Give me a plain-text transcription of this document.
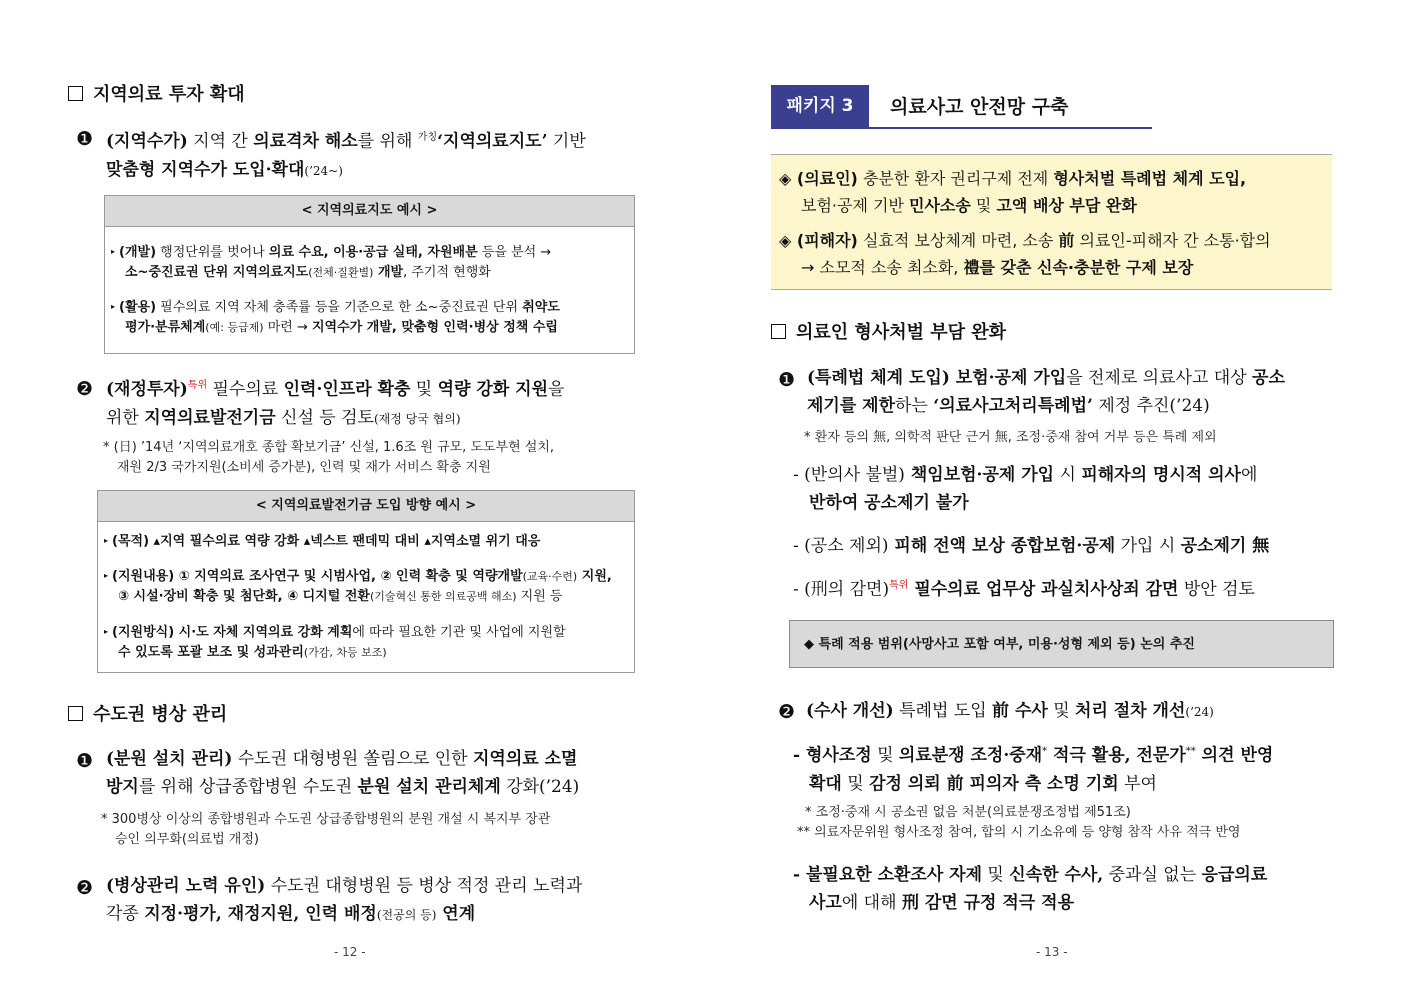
지역의료 투자 확대
❶ (지역수가) 지역 간 의료격차 해소를 위해 $^{가칭}$‘지역의료지도’ 기반
맞춤형 지역수가 도입·확대(’24~)
< 지역의료지도 예시 >
▸ (개발) 행정단위를 벗어나 의료 수요, 이용·공급 실태, 자원배분 등을 분석 →
소~중진료권 단위 지역의료지도(전체·질환별) 개발, 주기적 현행화
▸ (활용) 필수의료 지역 자체 충족률 등을 기준으로 한 소~중진료권 단위 취약도
평가·분류체계(예: 등급제) 마련 → 지역수가 개발, 맞춤형 인력·병상 정책 수립
❷ (재정투자)$^{특위}$ 필수의료 인력·인프라 확충 및 역량 강화 지원을
위한 지역의료발전기금 신설 등 검토(재정 당국 협의)
* (日) ’14년 ‘지역의료개호 종합 확보기금’ 신설, 1.6조 원 규모, 도도부현 설치,
재원 2/3 국가지원(소비세 증가분), 인력 및 재가 서비스 확충 지원
< 지역의료발전기금 도입 방향 예시 >
▸ (목적) ▴지역 필수의료 역량 강화 ▴넥스트 팬데믹 대비 ▴지역소멸 위기 대응
▸ (지원내용) ① 지역의료 조사연구 및 시범사업, ② 인력 확충 및 역량개발(교육·수련) 지원,
③ 시설·장비 확충 및 첨단화, ④ 디지털 전환(기술혁신 통한 의료공백 해소) 지원 등
▸ (지원방식) 시·도 자체 지역의료 강화 계획에 따라 필요한 기관 및 사업에 지원할
수 있도록 포괄 보조 및 성과관리(가감, 차등 보조)
수도권 병상 관리
❶ (분원 설치 관리) 수도권 대형병원 쏠림으로 인한 지역의료 소멸
방지를 위해 상급종합병원 수도권 분원 설치 관리체계 강화(’24)
* 300병상 이상의 종합병원과 수도권 상급종합병원의 분원 개설 시 복지부 장관
승인 의무화(의료법 개정)
❷ (병상관리 노력 유인) 수도권 대형병원 등 병상 적정 관리 노력과
각종 지정·평가, 재정지원, 인력 배정(전공의 등) 연계
- 12 -
패키지 3	의료사고 안전망 구축
◈ (의료인) 충분한 환자 권리구제 전제 형사처벌 특례법 체계 도입,
보험·공제 기반 민사소송 및 고액 배상 부담 완화
◈ (피해자) 실효적 보상체계 마련, 소송 前 의료인-피해자 간 소통·합의
→ 소모적 소송 최소화, 禮를 갖춘 신속·충분한 구제 보장
의료인 형사처벌 부담 완화
❶ (특례법 체계 도입) 보험·공제 가입을 전제로 의료사고 대상 공소
제기를 제한하는 ‘의료사고처리특례법’ 제정 추진(’24)
* 환자 등의 無, 의학적 판단 근거 無, 조정·중재 참여 거부 등은 특례 제외
- (반의사 불벌) 책임보험·공제 가입 시 피해자의 명시적 의사에
반하여 공소제기 불가
- (공소 제외) 피해 전액 보상 종합보험·공제 가입 시 공소제기 無
- (刑의 감면)$^{특위}$ 필수의료 업무상 과실치사상죄 감면 방안 검토
◆ 특례 적용 범위(사망사고 포함 여부, 미용·성형 제외 등) 논의 추진
❷ (수사 개선) 특례법 도입 前 수사 및 처리 절차 개선(’24)
- 형사조정 및 의료분쟁 조정·중재* 적극 활용, 전문가** 의견 반영
확대 및 감정 의뢰 前 피의자 측 소명 기회 부여
* 조정·중재 시 공소권 없음 처분(의료분쟁조정법 제51조)
** 의료자문위원 형사조정 참여, 합의 시 기소유예 등 양형 참작 사유 적극 반영
- 불필요한 소환조사 자제 및 신속한 수사, 중과실 없는 응급의료
사고에 대해 刑 감면 규정 적극 적용
- 13 -
